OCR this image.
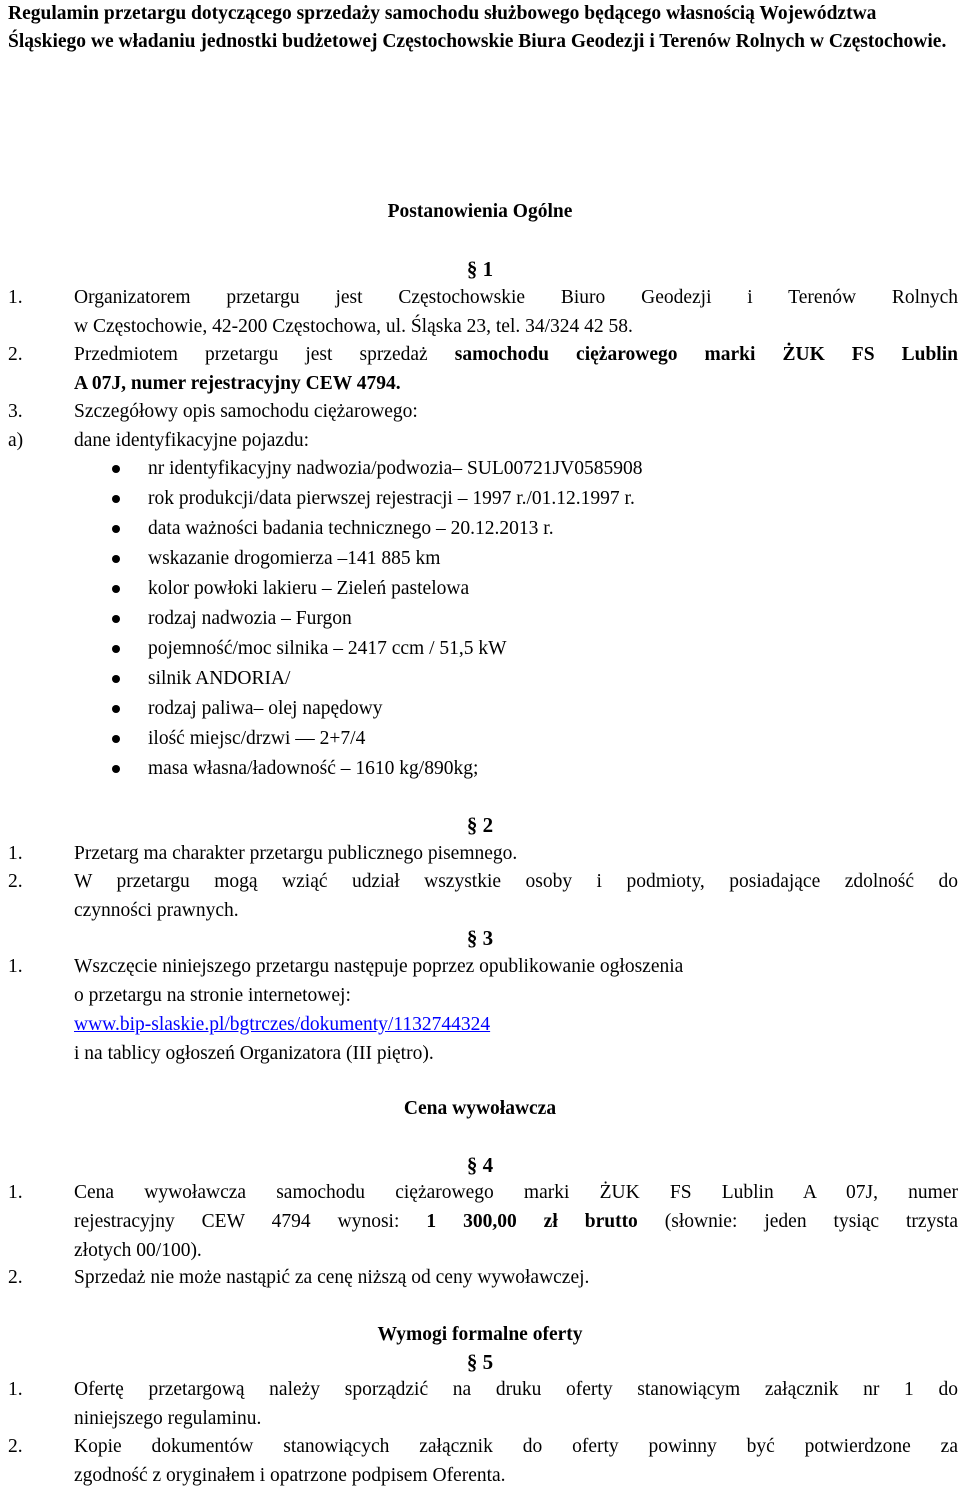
Regulamin przetargu dotyczącego sprzedaży samochodu służbowego będącego własnością Województwa Śląskiego we władaniu jednostki budżetowej Częstochowskie Biura Geodezji i Terenów Rolnych w Częstochowie.
Postanowienia Ogólne
§ 1
1.	Organizatorem przetargu jest Częstochowskie Biuro Geodezji i Terenów Rolnych
w Częstochowie, 42-200 Częstochowa, ul. Śląska 23, tel. 34/324 42 58.
2.	Przedmiotem przetargu jest sprzedaż samochodu ciężarowego marki ŻUK FS Lublin
A 07J, numer rejestracyjny CEW 4794.
3.	Szczegółowy opis samochodu ciężarowego:
a)	dane identyfikacyjne pojazdu:
nr identyfikacyjny nadwozia/podwozia– SUL00721JV0585908
rok produkcji/data pierwszej rejestracji – 1997 r./01.12.1997 r.
data ważności badania technicznego – 20.12.2013 r.
wskazanie drogomierza –141 885 km
kolor powłoki lakieru – Zieleń pastelowa
rodzaj nadwozia – Furgon
pojemność/moc silnika – 2417 ccm / 51,5 kW
silnik ANDORIA/
rodzaj paliwa– olej napędowy
ilość miejsc/drzwi –– 2+7/4
masa własna/ładowność – 1610 kg/890kg;
§ 2
1.	Przetarg ma charakter przetargu publicznego pisemnego.
2.	W przetargu mogą wziąć udział wszystkie osoby i podmioty, posiadające zdolność do
czynności prawnych.
§ 3
1.	Wszczęcie niniejszego przetargu następuje poprzez opublikowanie ogłoszenia
o przetargu na stronie internetowej:
www.bip-slaskie.pl/bgtrczes/dokumenty/1132744324
i na tablicy ogłoszeń Organizatora (III piętro).
Cena wywoławcza
§ 4
1.	Cena wywoławcza samochodu ciężarowego marki ŻUK FS Lublin A 07J, numer
rejestracyjny CEW 4794 wynosi: 1 300,00 zł brutto (słownie: jeden tysiąc trzysta
złotych 00/100).
2.	Sprzedaż nie może nastąpić za cenę niższą od ceny wywoławczej.
Wymogi formalne oferty
§ 5
1.	Ofertę przetargową należy sporządzić na druku oferty stanowiącym załącznik nr 1 do
niniejszego regulaminu.
2.	Kopie dokumentów stanowiących załącznik do oferty powinny być potwierdzone za
zgodność z oryginałem i opatrzone podpisem Oferenta.
